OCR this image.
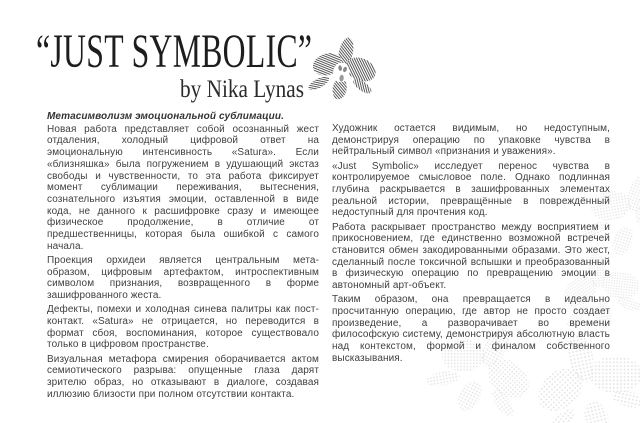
“JUST SYMBOLIC”
by Nika Lynas
Метасимволизм эмоциональной сублимации.

Новая работа представляет собой осознанный жест отдаления, холодный цифровой ответ на эмоциональную интенсивность «Satura». Если «близняшка» была погружением в удушающий экстаз свободы и чувственности, то эта работа фиксирует момент сублимации переживания, вытеснения, сознательного изъятия эмоции, оставленной в виде кода, не данного к расшифровке сразу и имеющее физическое продолжение, в отличие от предшественницы, которая была ошибкой с самого начала.

Проекция орхидеи является центральным мета-образом, цифровым артефактом, интроспективным символом признания, возвращенного в форме зашифрованного жеста.

Дефекты, помехи и холодная синева палитры как пост-контакт. «Satura» не отрицается, но переводится в формат сбоя, воспоминания, которое существовало только в цифровом пространстве.

Визуальная метафора смирения оборачивается актом семиотического разрыва: опущенные глаза дарят зрителю образ, но отказывают в диалоге, создавая иллюзию близости при полном отсутствии контакта.

Художник остается видимым, но недоступным, демонстрируя операцию по упаковке чувства в нейтральный символ «признания и уважения».

«Just Symbolic» исследует перенос чувства в контролируемое смысловое поле. Однако подлинная глубина раскрывается в зашифрованных элементах реальной истории, превращённые в повреждённый недоступный для прочтения код.

Работа раскрывает пространство между восприятием и прикосновением, где единственно возможной встречей становится обмен закодированными образами. Это жест, сделанный после токсичной вспышки и преобразованный в физическую операцию по превращению эмоции в автономный арт-объект.

Таким образом, она превращается в идеально просчитанную операцию, где автор не просто создает произведение, а разворачивает во времени философскую систему, демонстрируя абсолютную власть над контекстом, формой и финалом собственного высказывания.
